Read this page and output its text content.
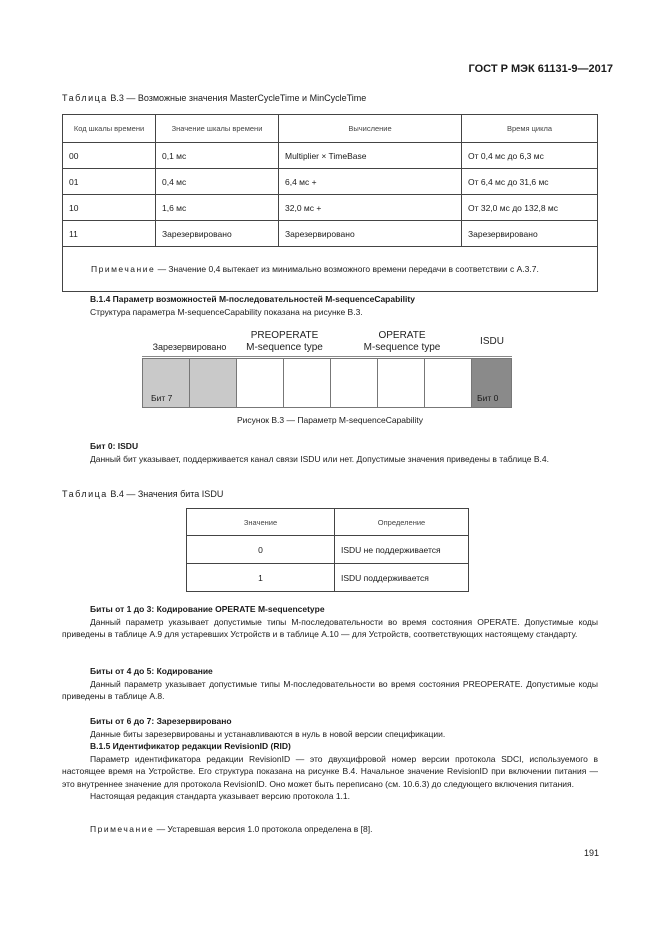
ГОСТ Р МЭК 61131-9—2017
Таблица B.3 — Возможные значения MasterCycleTime и MinCycleTime
Код шкалы времени	Значение шкалы времени	Вычисление	Время цикла
00	0,1 мс	Multiplier × TimeBase	От 0,4 мс до 6,3 мс
01	0,4 мс	6,4 мс +	От 6,4 мс до 31,6 мс
10	1,6 мс	32,0 мс +	От 32,0 мс до 132,8 мс
11	Зарезервировано	Зарезервировано	Зарезервировано
Примечание — Значение 0,4 вытекает из минимально возможного времени передачи в соответствии с A.3.7.			

B.1.4 Параметр возможностей M-последовательностей M-sequenceCapability

Структура параметра M-sequenceCapability показана на рисунке B.3.

Зарезервировано
PREOPERATE
M-sequence type
OPERATE
M-sequence type
ISDU
Бит 7	Бит 0
Рисунок B.3 — Параметр M-sequenceCapability

Бит 0: ISDU

Данный бит указывает, поддерживается канал связи ISDU или нет. Допустимые значения приведены в таблице B.4.

Таблица B.4 — Значения бита ISDU
Значение	Определение
0	ISDU не поддерживается
1	ISDU поддерживается

Биты от 1 до 3: Кодирование OPERATE M-sequencetype

Данный параметр указывает допустимые типы M-последовательности во время состояния OPERATE. Допустимые коды приведены в таблице A.9 для устаревших Устройств и в таблице A.10 — для Устройств, соответствующих настоящему стандарту.

Биты от 4 до 5: Кодирование

Данный параметр указывает допустимые типы M-последовательности во время состояния PREOPERATE. Допустимые коды приведены в таблице A.8.

Биты от 6 до 7: Зарезервировано

Данные биты зарезервированы и устанавливаются в нуль в новой версии спецификации.

B.1.5 Идентификатор редакции RevisionID (RID)

Параметр идентификатора редакции RevisionID — это двухцифровой номер версии протокола SDCI, используемого в настоящее время на Устройстве. Его структура показана на рисунке B.4. Начальное значение RevisionID при включении питания — это внутреннее значение для протокола RevisionID. Оно может быть переписано (см. 10.6.3) до следующего включения питания.

Настоящая редакция стандарта указывает версию протокола 1.1.

Примечание — Устаревшая версия 1.0 протокола определена в [8].
191
